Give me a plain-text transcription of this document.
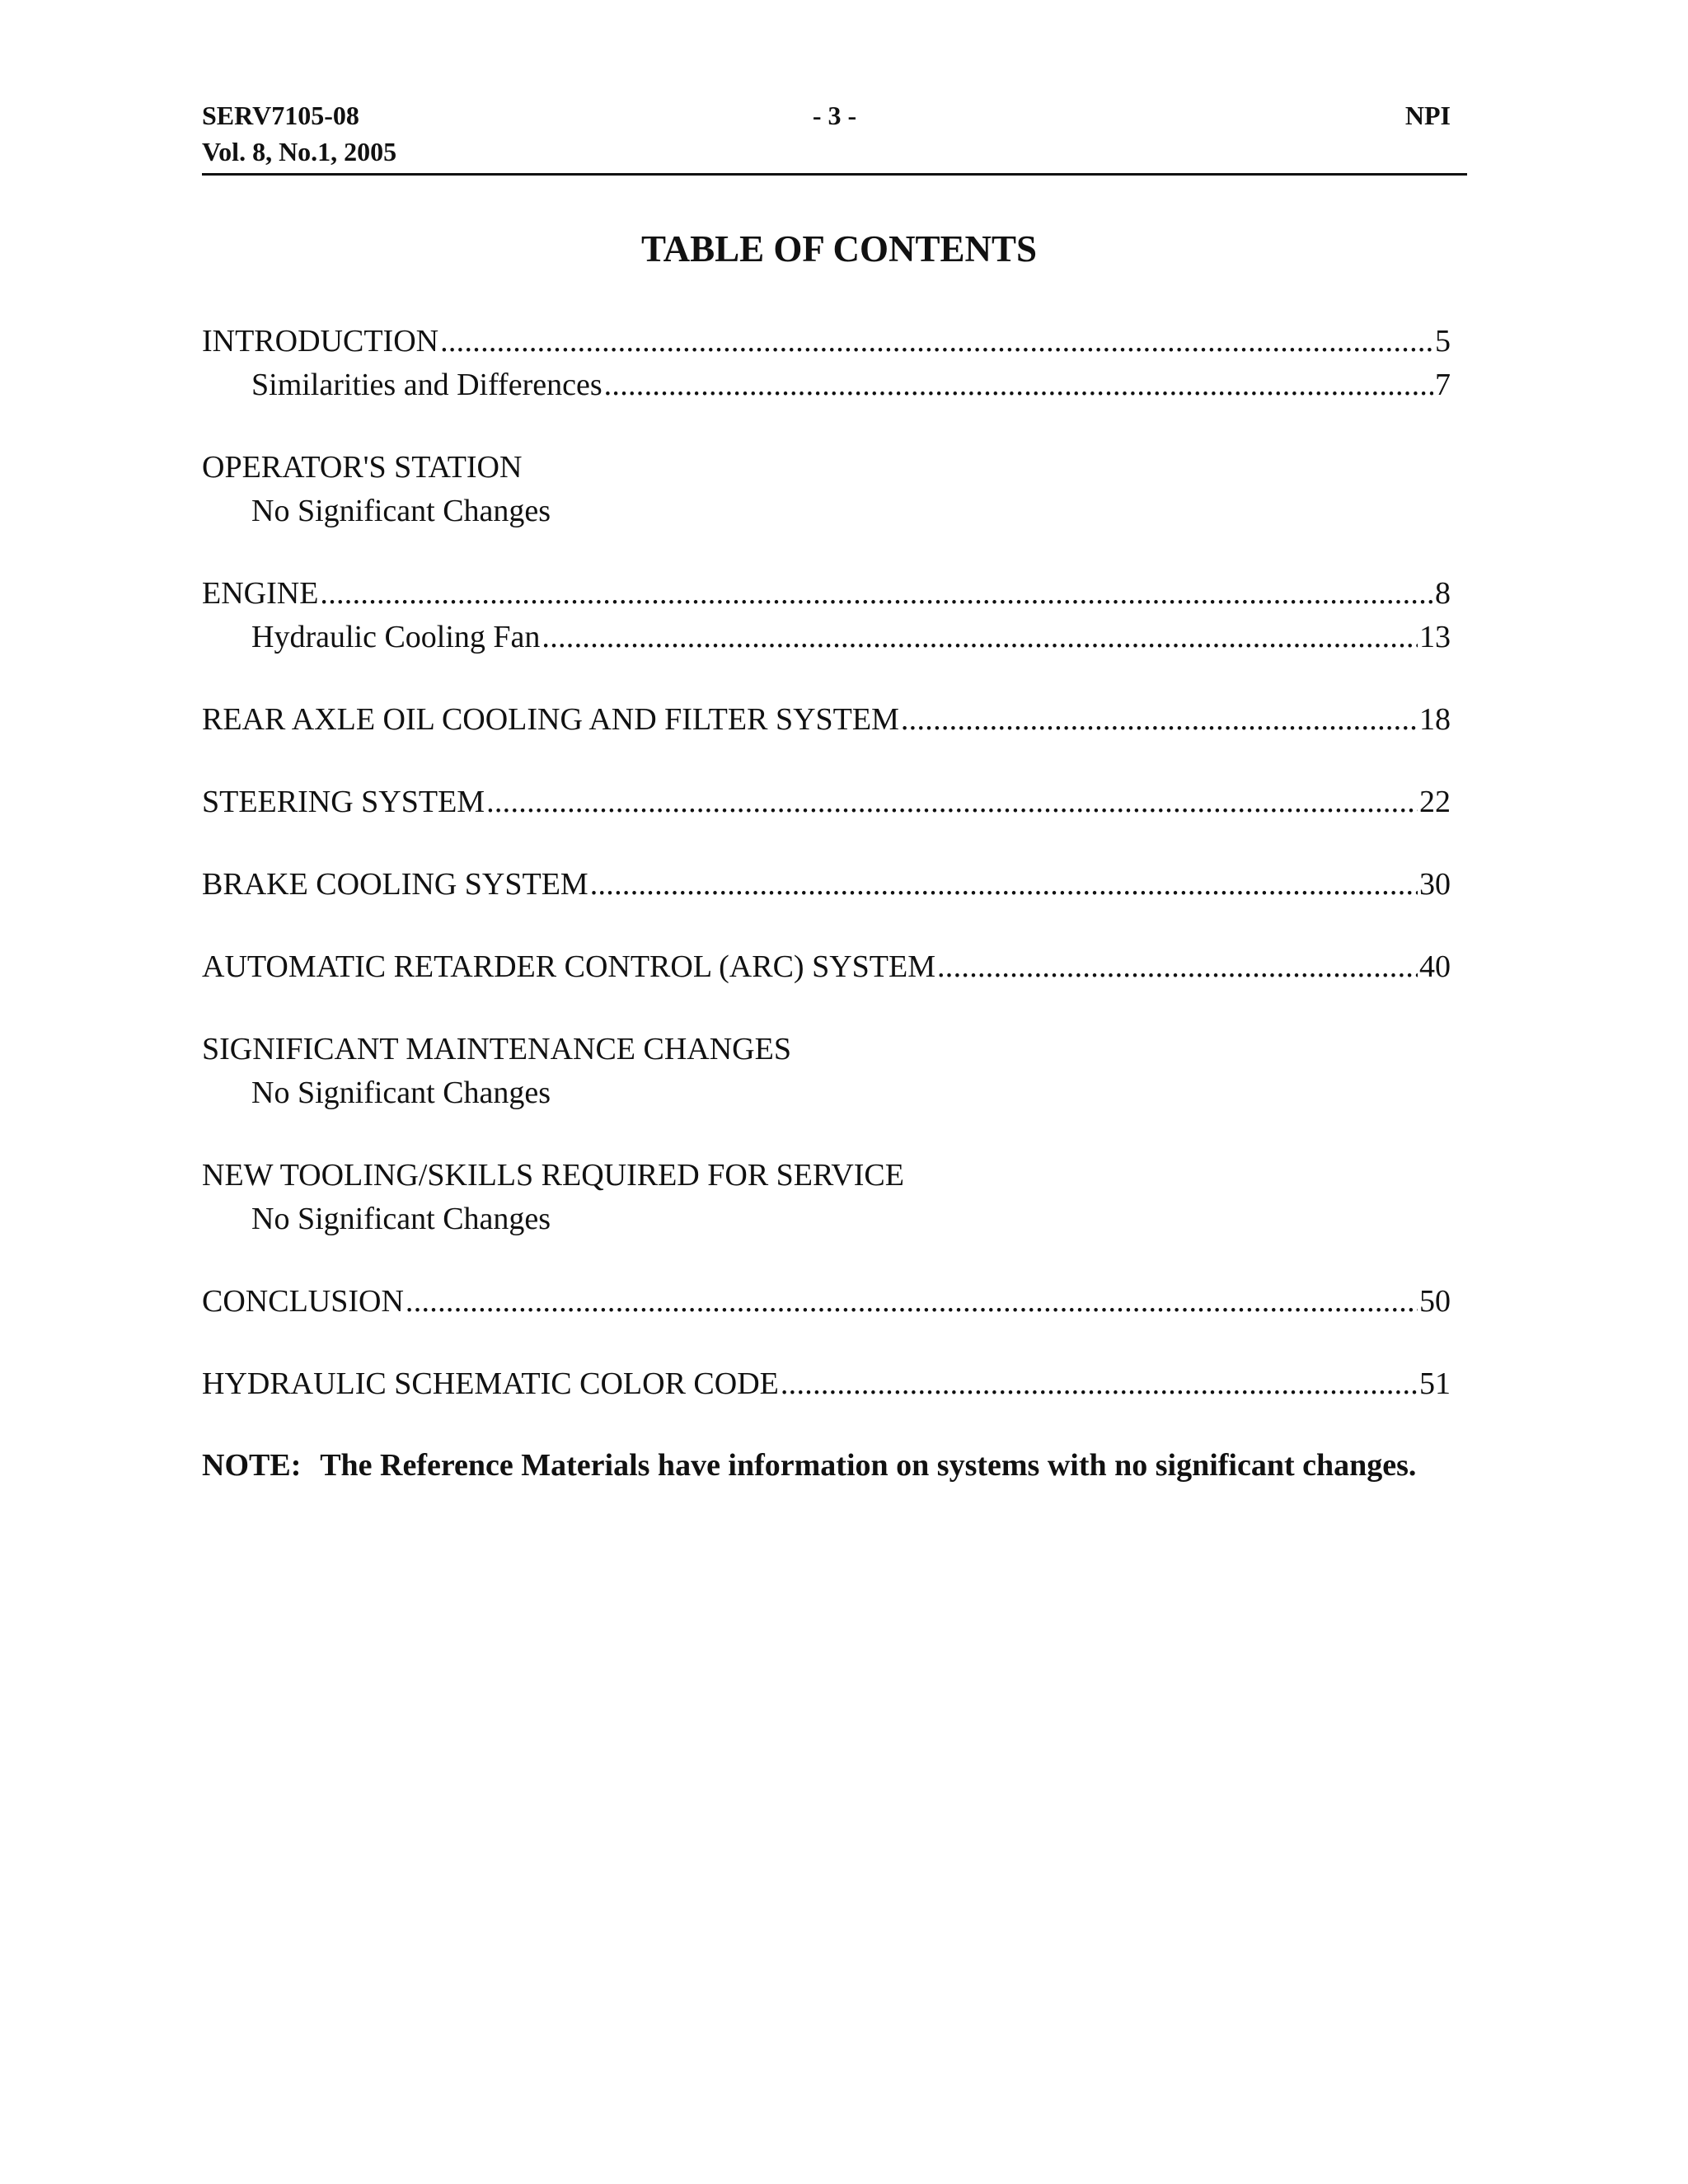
SERV7105-08
Vol. 8, No.1, 2005
- 3 -	NPI
TABLE OF CONTENTS
INTRODUCTION . . .	5
Similarities and Differences . . .	7
OPERATOR'S STATION
No Significant Changes
ENGINE . . .	8
Hydraulic Cooling Fan . . .	13
REAR AXLE OIL COOLING AND FILTER SYSTEM . . .	18
STEERING SYSTEM . . .	22
BRAKE COOLING SYSTEM . . .	30
AUTOMATIC RETARDER CONTROL (ARC) SYSTEM . . .	40
SIGNIFICANT MAINTENANCE CHANGES
No Significant Changes
NEW TOOLING/SKILLS REQUIRED FOR SERVICE
No Significant Changes
CONCLUSION . . .	50
HYDRAULIC SCHEMATIC COLOR CODE . . .	51
NOTE: The Reference Materials have information on systems with no significant changes.
